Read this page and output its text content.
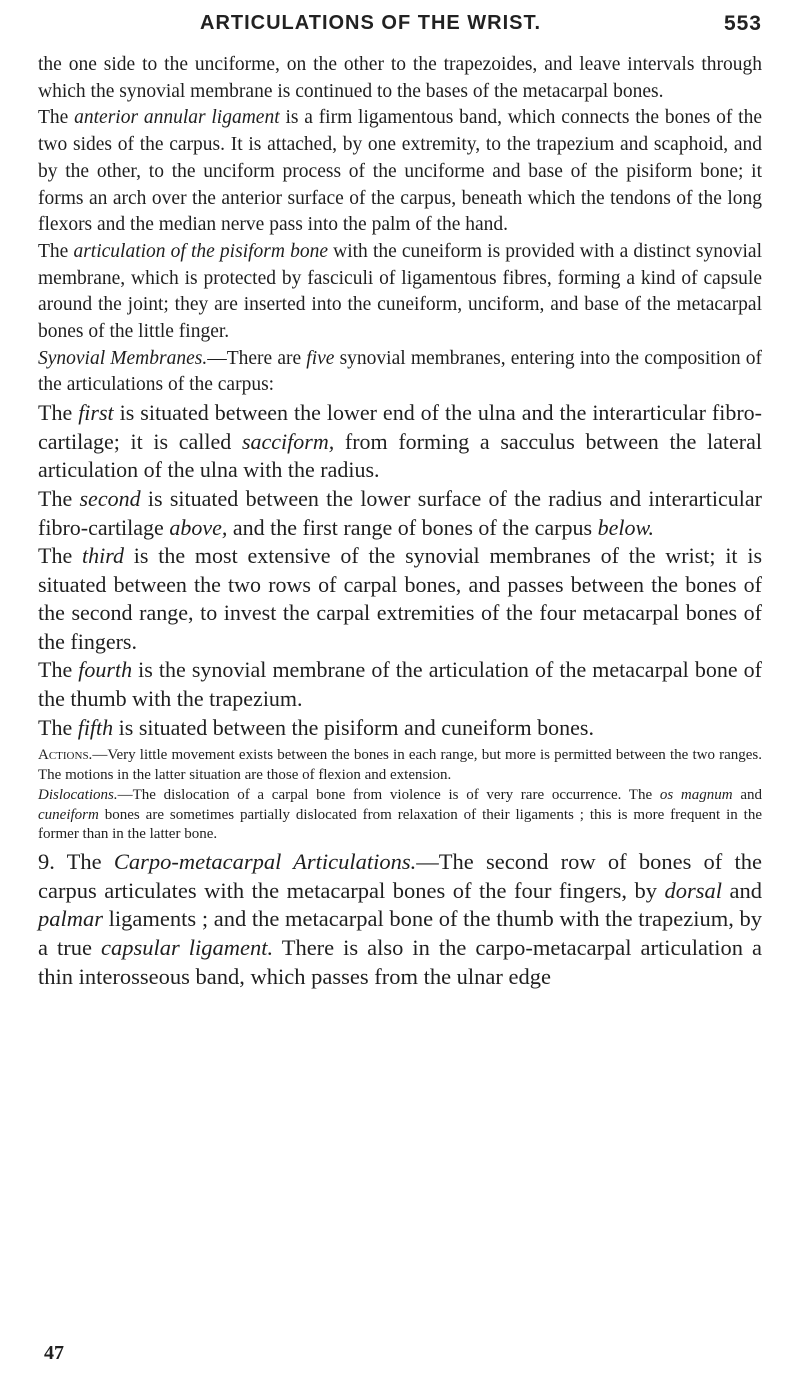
ARTICULATIONS OF THE WRIST.	553

the one side to the unciforme, on the other to the trapezoides, and leave intervals through which the synovial membrane is continued to the bases of the metacarpal bones.

The anterior annular ligament is a firm ligamentous band, which connects the bones of the two sides of the carpus. It is attached, by one extremity, to the trapezium and scaphoid, and by the other, to the unciform process of the unciforme and base of the pisiform bone; it forms an arch over the anterior surface of the carpus, beneath which the tendons of the long flexors and the median nerve pass into the palm of the hand.

The articulation of the pisiform bone with the cuneiform is provided with a distinct synovial membrane, which is protected by fasciculi of ligamentous fibres, forming a kind of capsule around the joint; they are inserted into the cuneiform, unciform, and base of the metacarpal bones of the little finger.

Synovial Membranes.—There are five synovial membranes, entering into the composition of the articulations of the carpus:

The first is situated between the lower end of the ulna and the interarticular fibro-cartilage; it is called sacciform, from forming a sacculus between the lateral articulation of the ulna with the radius.

The second is situated between the lower surface of the radius and interarticular fibro-cartilage above, and the first range of bones of the carpus below.

The third is the most extensive of the synovial membranes of the wrist; it is situated between the two rows of carpal bones, and passes between the bones of the second range, to invest the carpal extremities of the four metacarpal bones of the fingers.

The fourth is the synovial membrane of the articulation of the metacarpal bone of the thumb with the trapezium.

The fifth is situated between the pisiform and cuneiform bones.

Actions.—Very little movement exists between the bones in each range, but more is permitted between the two ranges. The motions in the latter situation are those of flexion and extension.

Dislocations.—The dislocation of a carpal bone from violence is of very rare occurrence. The os magnum and cuneiform bones are sometimes partially dislocated from relaxation of their ligaments ; this is more frequent in the former than in the latter bone.

9. The Carpo-metacarpal Articulations.—The second row of bones of the carpus articulates with the metacarpal bones of the four fingers, by dorsal and palmar ligaments ; and the metacarpal bone of the thumb with the trapezium, by a true capsular ligament. There is also in the carpo-metacarpal articulation a thin interosseous band, which passes from the ulnar edge

47
